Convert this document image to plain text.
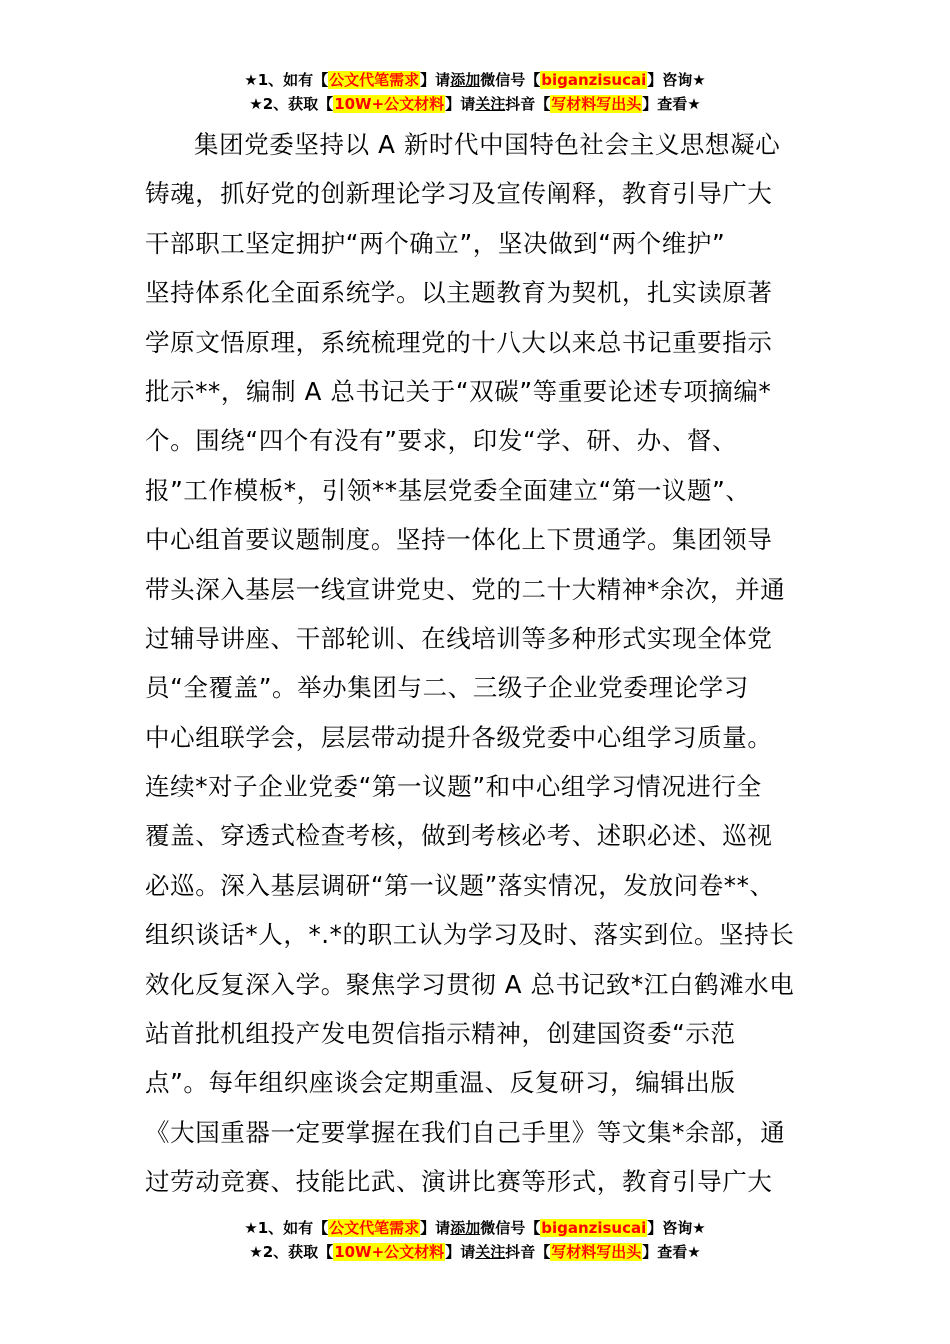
★1、如有【公文代笔需求】请添加微信号【biganzisucai】咨询★
★2、获取【10W+公文材料】请关注抖音【写材料写出头】查看★
集团党委坚持以 A 新时代中国特色社会主义思想凝心
铸魂，抓好党的创新理论学习及宣传阐释，教育引导广大
干部职工坚定拥护“两个确立”，坚决做到“两个维护”
坚持体系化全面系统学。以主题教育为契机，扎实读原著
学原文悟原理，系统梳理党的十八大以来总书记重要指示
批示**，编制 A 总书记关于“双碳”等重要论述专项摘编*
个。围绕“四个有没有”要求，印发“学、研、办、督、
报”工作模板*，引领**基层党委全面建立“第一议题”、
中心组首要议题制度。坚持一体化上下贯通学。集团领导
带头深入基层一线宣讲党史、党的二十大精神*余次，并通
过辅导讲座、干部轮训、在线培训等多种形式实现全体党
员“全覆盖”。举办集团与二、三级子企业党委理论学习
中心组联学会，层层带动提升各级党委中心组学习质量。
连续*对子企业党委“第一议题”和中心组学习情况进行全
覆盖、穿透式检查考核，做到考核必考、述职必述、巡视
必巡。深入基层调研“第一议题”落实情况，发放问卷**、
组织谈话*人，*.*的职工认为学习及时、落实到位。坚持长
效化反复深入学。聚焦学习贯彻 A 总书记致*江白鹤滩水电
站首批机组投产发电贺信指示精神，创建国资委“示范
点”。每年组织座谈会定期重温、反复研习，编辑出版
《大国重器一定要掌握在我们自己手里》等文集*余部，通
过劳动竞赛、技能比武、演讲比赛等形式，教育引导广大
★1、如有【公文代笔需求】请添加微信号【biganzisucai】咨询★
★2、获取【10W+公文材料】请关注抖音【写材料写出头】查看★
